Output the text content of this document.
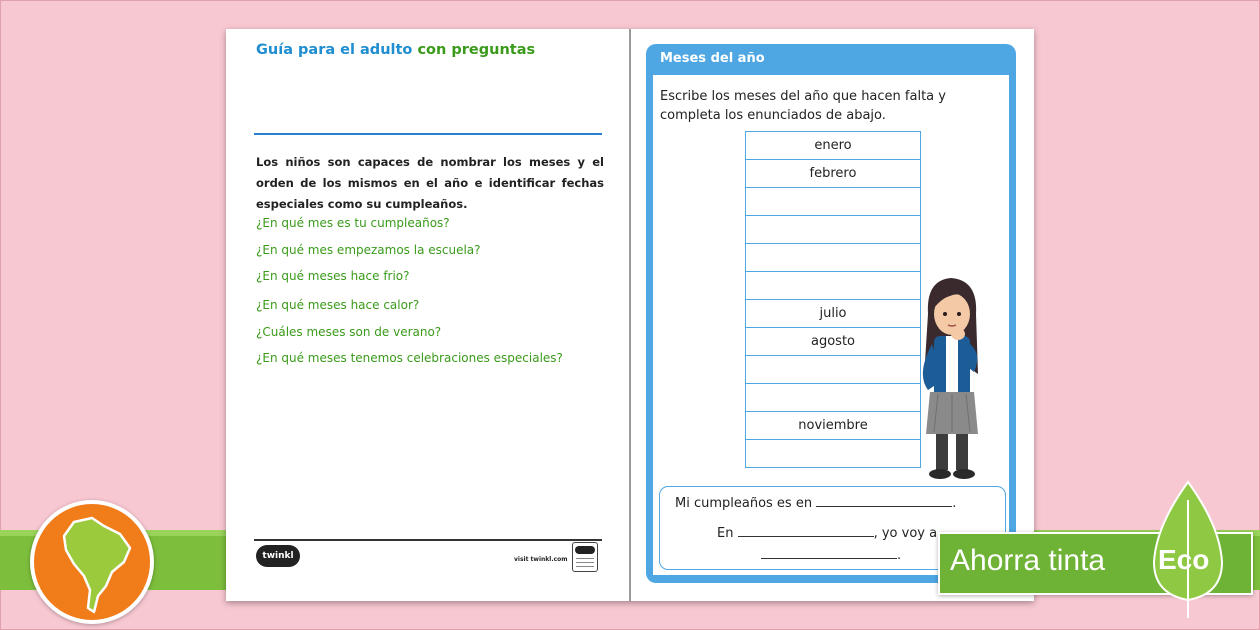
Guía para el adulto con preguntas
Los niños son capaces de nombrar los meses y el orden de los mismos en el año e identificar fechas especiales como su cumpleaños.
¿En qué mes es tu cumpleaños?
¿En qué mes empezamos la escuela?
¿En qué meses hace frio?
¿En qué meses hace calor?
¿Cuáles meses son de verano?
¿En qué meses tenemos celebraciones especiales?
twinkl	visit twinkl.com
Meses del año
Escribe los meses del año que hacen falta y completa los enunciados de abajo.
enero
febrero
julio
agosto
noviembre
Mi cumpleaños es en	.
En	, yo voy a
. Ahorra tinta Eco
